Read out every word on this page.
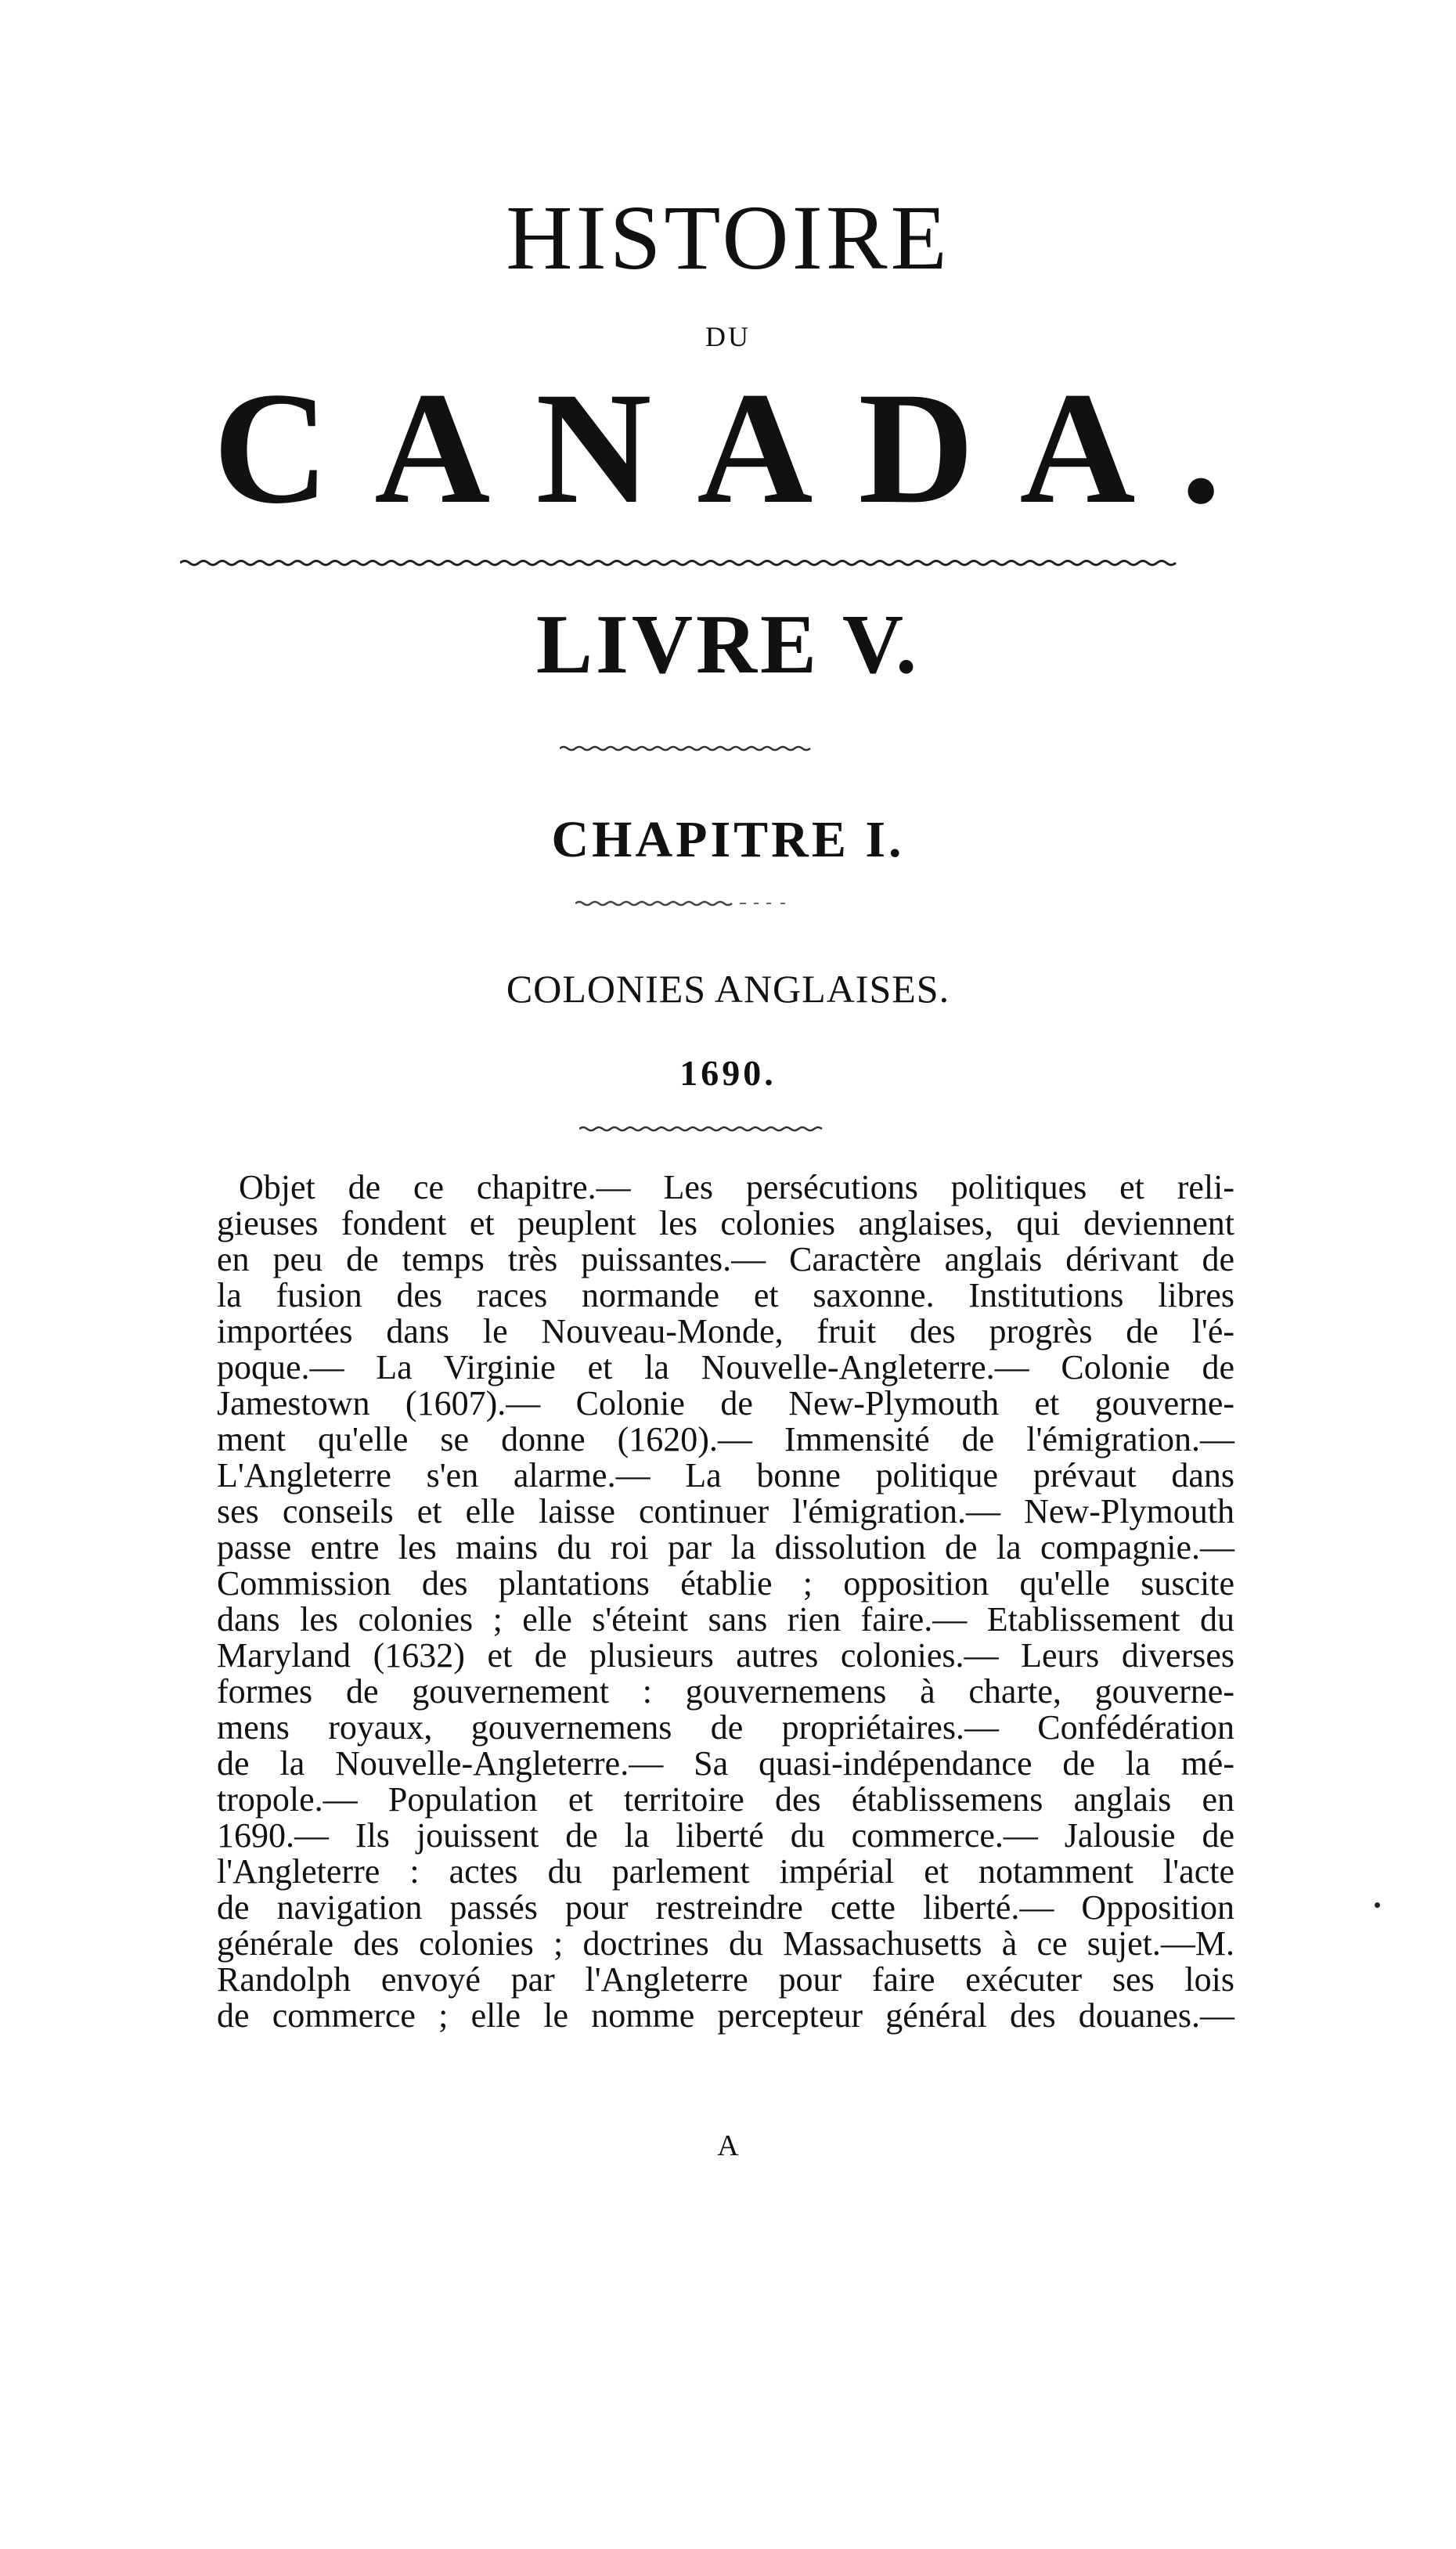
HISTOIRE
DU
CANADA.
LIVRE V.
CHAPITRE I.
COLONIES ANGLAISES.
1690.
Objet de ce chapitre.— Les persécutions politiques et reli-
gieuses fondent et peuplent les colonies anglaises, qui deviennent
en peu de temps très puissantes.— Caractère anglais dérivant de
la fusion des races normande et saxonne. Institutions libres
importées dans le Nouveau-Monde, fruit des progrès de l'é-
poque.— La Virginie et la Nouvelle-Angleterre.— Colonie de
Jamestown (1607).— Colonie de New-Plymouth et gouverne-
ment qu'elle se donne (1620).— Immensité de l'émigration.—
L'Angleterre s'en alarme.— La bonne politique prévaut dans
ses conseils et elle laisse continuer l'émigration.— New-Plymouth
passe entre les mains du roi par la dissolution de la compagnie.—
Commission des plantations établie ; opposition qu'elle suscite
dans les colonies ; elle s'éteint sans rien faire.— Etablissement du
Maryland (1632) et de plusieurs autres colonies.— Leurs diverses
formes de gouvernement : gouvernemens à charte, gouverne-
mens royaux, gouvernemens de propriétaires.— Confédération
de la Nouvelle-Angleterre.— Sa quasi-indépendance de la mé-
tropole.— Population et territoire des établissemens anglais en
1690.— Ils jouissent de la liberté du commerce.— Jalousie de
l'Angleterre : actes du parlement impérial et notamment l'acte
de navigation passés pour restreindre cette liberté.— Opposition
générale des colonies ; doctrines du Massachusetts à ce sujet.—M.
Randolph envoyé par l'Angleterre pour faire exécuter ses lois
de commerce ; elle le nomme percepteur général des douanes.—
A
